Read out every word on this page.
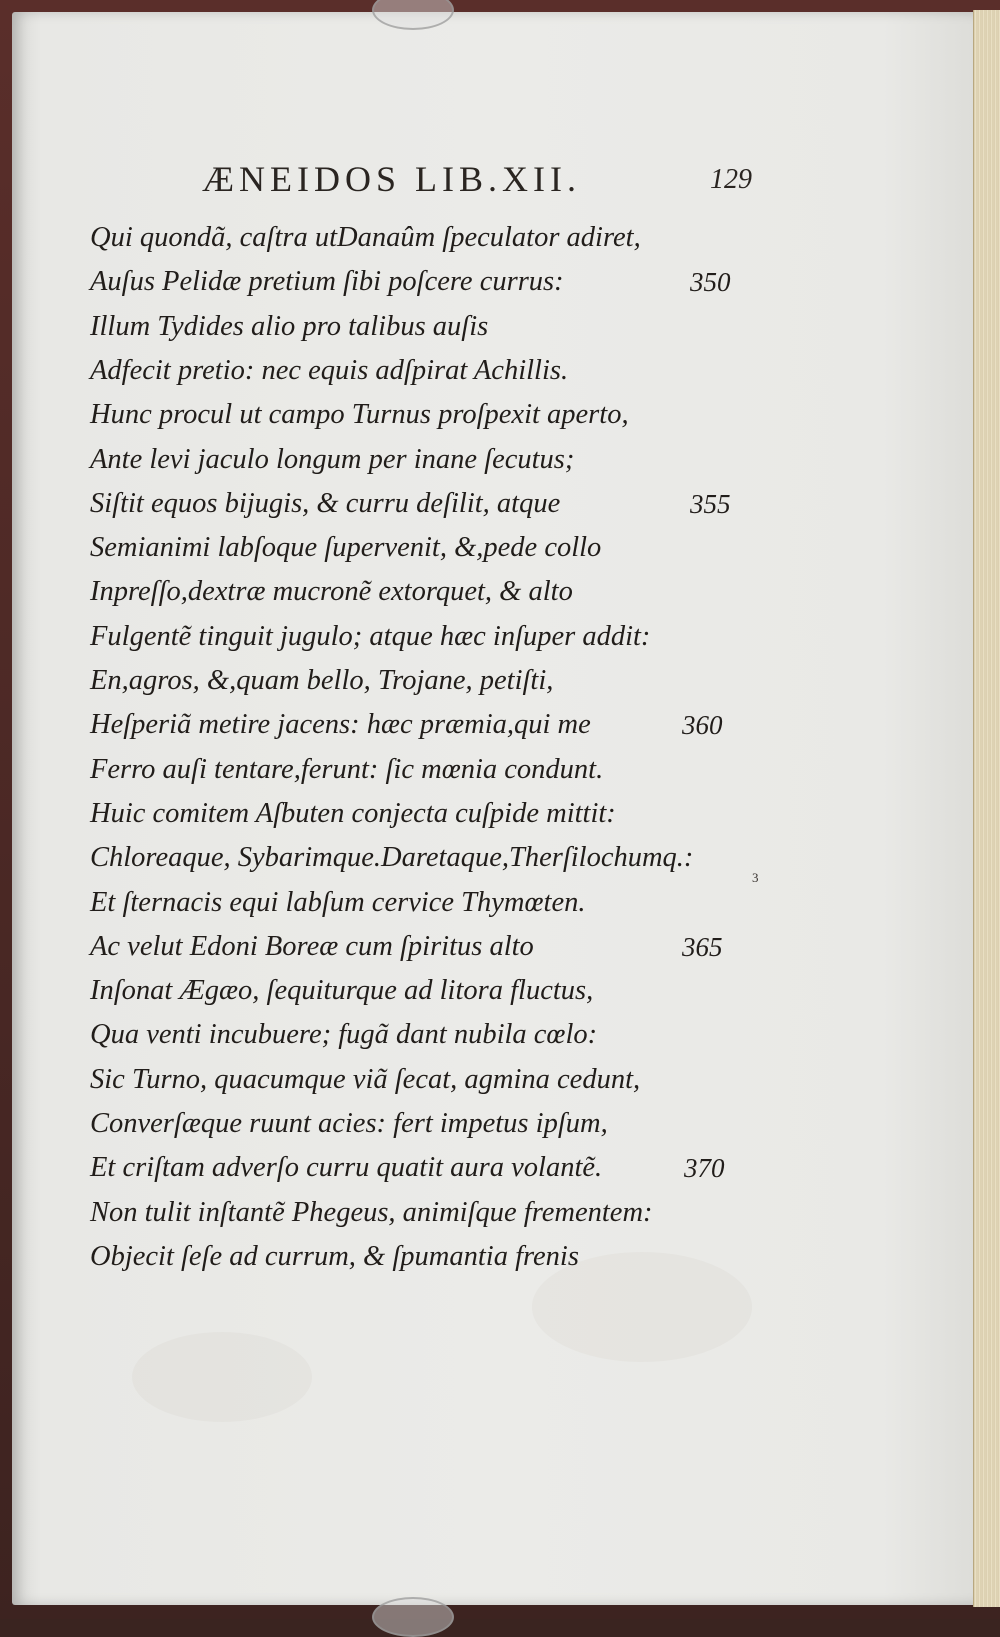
ÆNEIDOS LIB.XII.	129
Qui quondã, caſtra utDanaûm ſpeculator adiret,
Auſus Pelidæ pretium ſibi poſcere currus:	350
Illum Tydides alio pro talibus auſis
Adfecit pretio: nec equis adſpirat Achillis.
Hunc procul ut campo Turnus proſpexit aperto,
Ante levi jaculo longum per inane ſecutus;
Siſtit equos bijugis, & curru deſilit, atque	355
Semianimi labſoque ſupervenit, &,pede collo
Inpreſſo,dextræ mucronẽ extorquet, & alto
Fulgentẽ tinguit jugulo; atque hæc inſuper addit:
En,agros, &,quam bello, Trojane, petiſti,
Heſperiã metire jacens: hæc præmia,qui me	360
Ferro auſi tentare,ferunt: ſic mœnia condunt.
Huic comitem Aſbuten conjecta cuſpide mittit:
Chloreaque, Sybarimque.Daretaque,Therſilochumq.:
Et ſternacis equi labſum cervice Thymœten.
Ac velut Edoni Boreæ cum ſpiritus alto	365
Inſonat Ægæo, ſequiturque ad litora fluctus,
Qua venti incubuere; fugã dant nubila cœlo:
Sic Turno, quacumque viã ſecat, agmina cedunt,
Converſæque ruunt acies: fert impetus ipſum,
Et criſtam adverſo curru quatit aura volantẽ.	370
Non tulit inſtantẽ Phegeus, animiſque frementem:
Objecit ſeſe ad currum, & ſpumantia frenis
3
